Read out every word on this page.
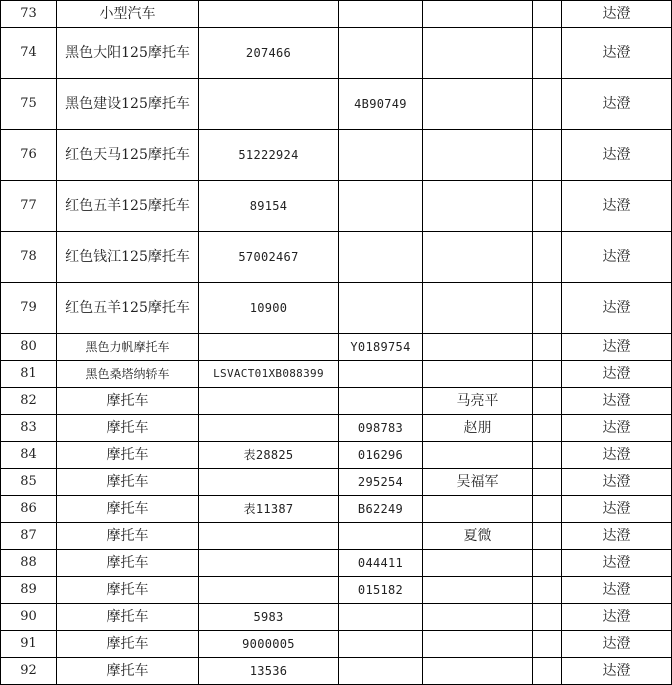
73	小型汽车					达澄
74	黑色大阳125摩托车	207466				达澄
75	黑色建设125摩托车		4B90749			达澄
76	红色天马125摩托车	51222924				达澄
77	红色五羊125摩托车	89154				达澄
78	红色钱江125摩托车	57002467				达澄
79	红色五羊125摩托车	10900				达澄
80	黑色力帆摩托车		Y0189754			达澄
81	黑色桑塔纳轿车	LSVACT01XB088399				达澄
82	摩托车			马亮平		达澄
83	摩托车		098783	赵朋		达澄
84	摩托车	表28825	016296			达澄
85	摩托车		295254	吴福军		达澄
86	摩托车	表11387	B62249			达澄
87	摩托车			夏微		达澄
88	摩托车		044411			达澄
89	摩托车		015182			达澄
90	摩托车	5983				达澄
91	摩托车	9000005				达澄
92	摩托车	13536				达澄
